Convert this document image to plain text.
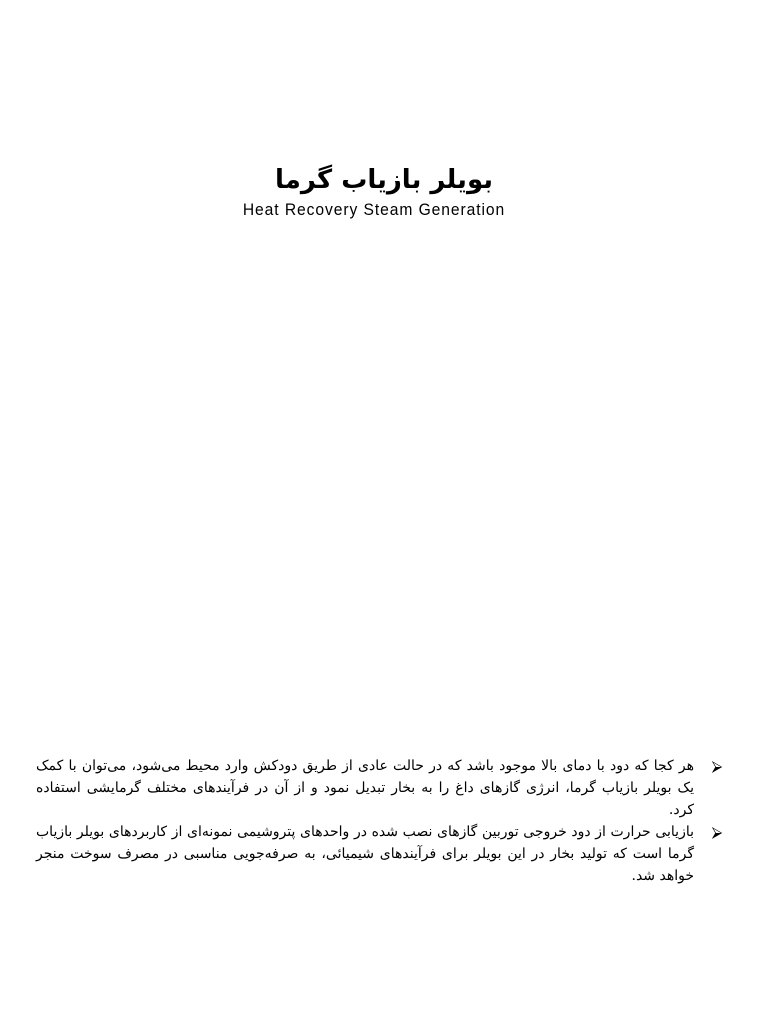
بویلر بازیاب گرما
Heat Recovery Steam Generation

⮚
هر کجا که دود با دمای بالا موجود باشد که در حالت عادی از طریق دودکش وارد محیط می‌شود، می‌توان با کمک یک بویلر بازیاب گرما، انرژی گازهای داغ را به بخار تبدیل نمود و از آن در فرآیندهای مختلف گرمایشی استفاده کرد.

⮚
بازیابی حرارت از دود خروجی توربین گازهای نصب شده در واحدهای پتروشیمی نمونه‌ای از کاربردهای بویلر بازیاب گرما است که تولید بخار در این بویلر برای فرآیندهای شیمیائی، به صرفه‌جویی مناسبی در مصرف سوخت منجر خواهد شد.
